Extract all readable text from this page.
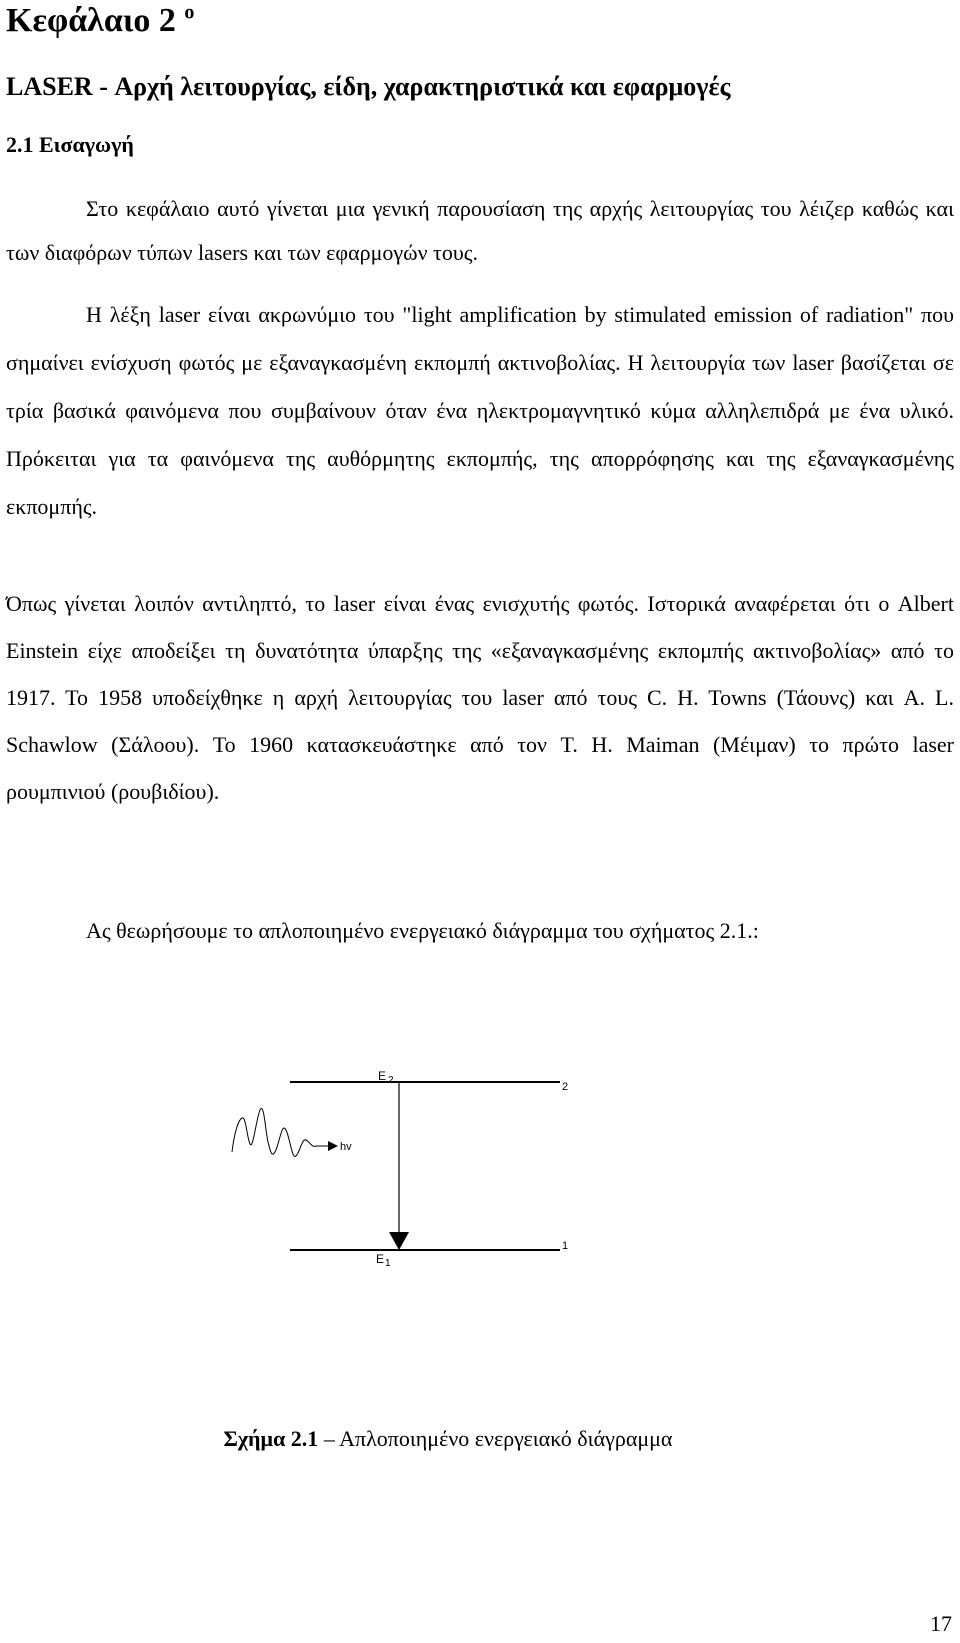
Κεφάλαιο 2 $^o$
LASER - Αρχή λειτουργίας, είδη, χαρακτηριστικά και εφαρμογές
2.1 Εισαγωγή

Στο κεφάλαιο αυτό γίνεται μια γενική παρουσίαση της αρχής λειτουργίας του λέιζερ καθώς και των διαφόρων τύπων lasers και των εφαρμογών τους.

Η λέξη laser είναι ακρωνύμιο του "light amplification by stimulated emission of radiation" που σημαίνει ενίσχυση φωτός με εξαναγκασμένη εκπομπή ακτινοβολίας. Η λειτουργία των laser βασίζεται σε τρία βασικά φαινόμενα που συμβαίνουν όταν ένα ηλεκτρομαγνητικό κύμα αλληλεπιδρά με ένα υλικό. Πρόκειται για τα φαινόμενα της αυθόρμητης εκπομπής, της απορρόφησης και της εξαναγκασμένης εκπομπής.

Όπως γίνεται λοιπόν αντιληπτό, το laser είναι ένας ενισχυτής φωτός. Ιστορικά αναφέρεται ότι ο Albert Einstein είχε αποδείξει τη δυνατότητα ύπαρξης της «εξαναγκασμένης εκπομπής ακτινοβολίας» από το 1917. Το 1958 υποδείχθηκε η αρχή λειτουργίας του laser από τους C. H. Towns (Τάουνς) και A. L. Schawlow (Σάλοου). Το 1960 κατασκευάστηκε από τον T. H. Maiman (Μέιμαν) το πρώτο laser ρουμπινιού (ρουβιδίου).

Ας θεωρήσουμε το απλοποιημένο ενεργειακό διάγραμμα του σχήματος 2.1.:

E $_2$
2
$E_1$
1
hv

Σχήμα 2.1 – Απλοποιημένο ενεργειακό διάγραμμα

17
